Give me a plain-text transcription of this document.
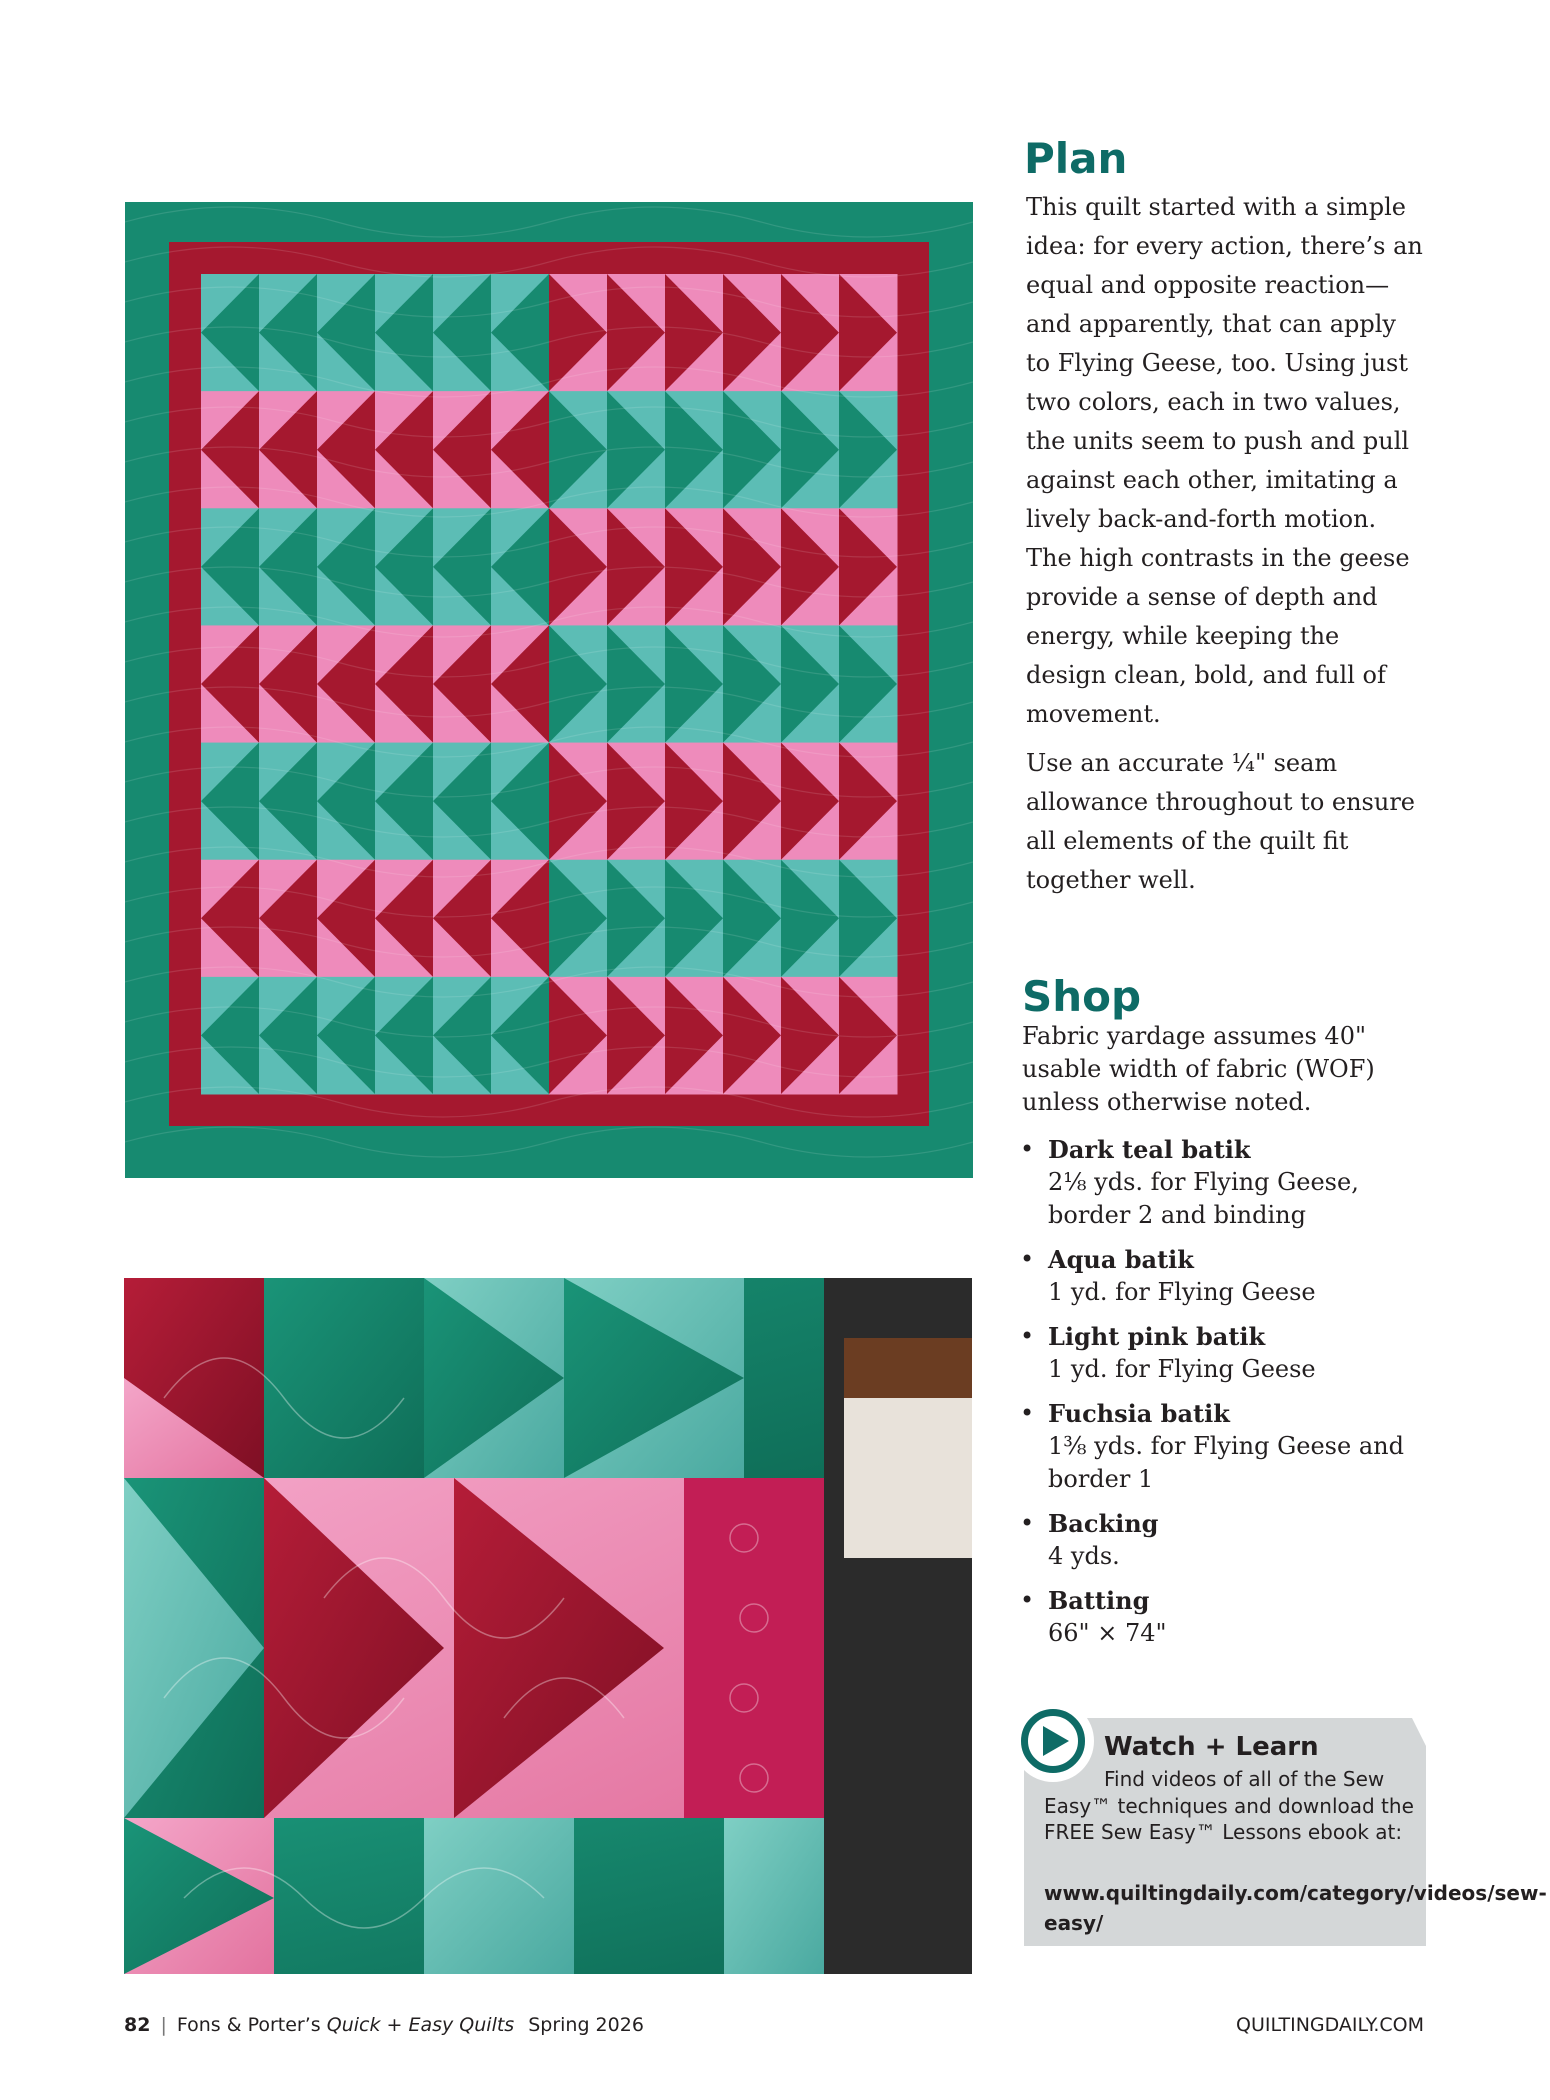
Plan

This quilt started with a simple idea: for every action, there’s an equal and opposite reaction—and apparently, that can apply to Flying Geese, too. Using just two colors, each in two values, the units seem to push and pull against each other, imitating a lively back-and-forth motion. The high contrasts in the geese provide a sense of depth and energy, while keeping the design clean, bold, and full of movement.

Use an accurate ¼" seam allowance throughout to ensure all elements of the quilt fit together well.

Shop

Fabric yardage assumes 40" usable width of fabric (WOF) unless otherwise noted.

• Dark teal batik
2⅛ yds. for Flying Geese, border 2 and binding
• Aqua batik
1 yd. for Flying Geese
• Light pink batik
1 yd. for Flying Geese
• Fuchsia batik
1⅜ yds. for Flying Geese and border 1
• Backing
4 yds.
• Batting
66" × 74"
Watch + Learn

Find videos of all of the Sew Easy™ techniques and download the FREE Sew Easy™ Lessons ebook at:

www.quiltingdaily.com/category/videos/sew-easy/

82 | Fons & Porter’s Quick + Easy Quilts Spring 2026	QUILTINGDAILY.COM
